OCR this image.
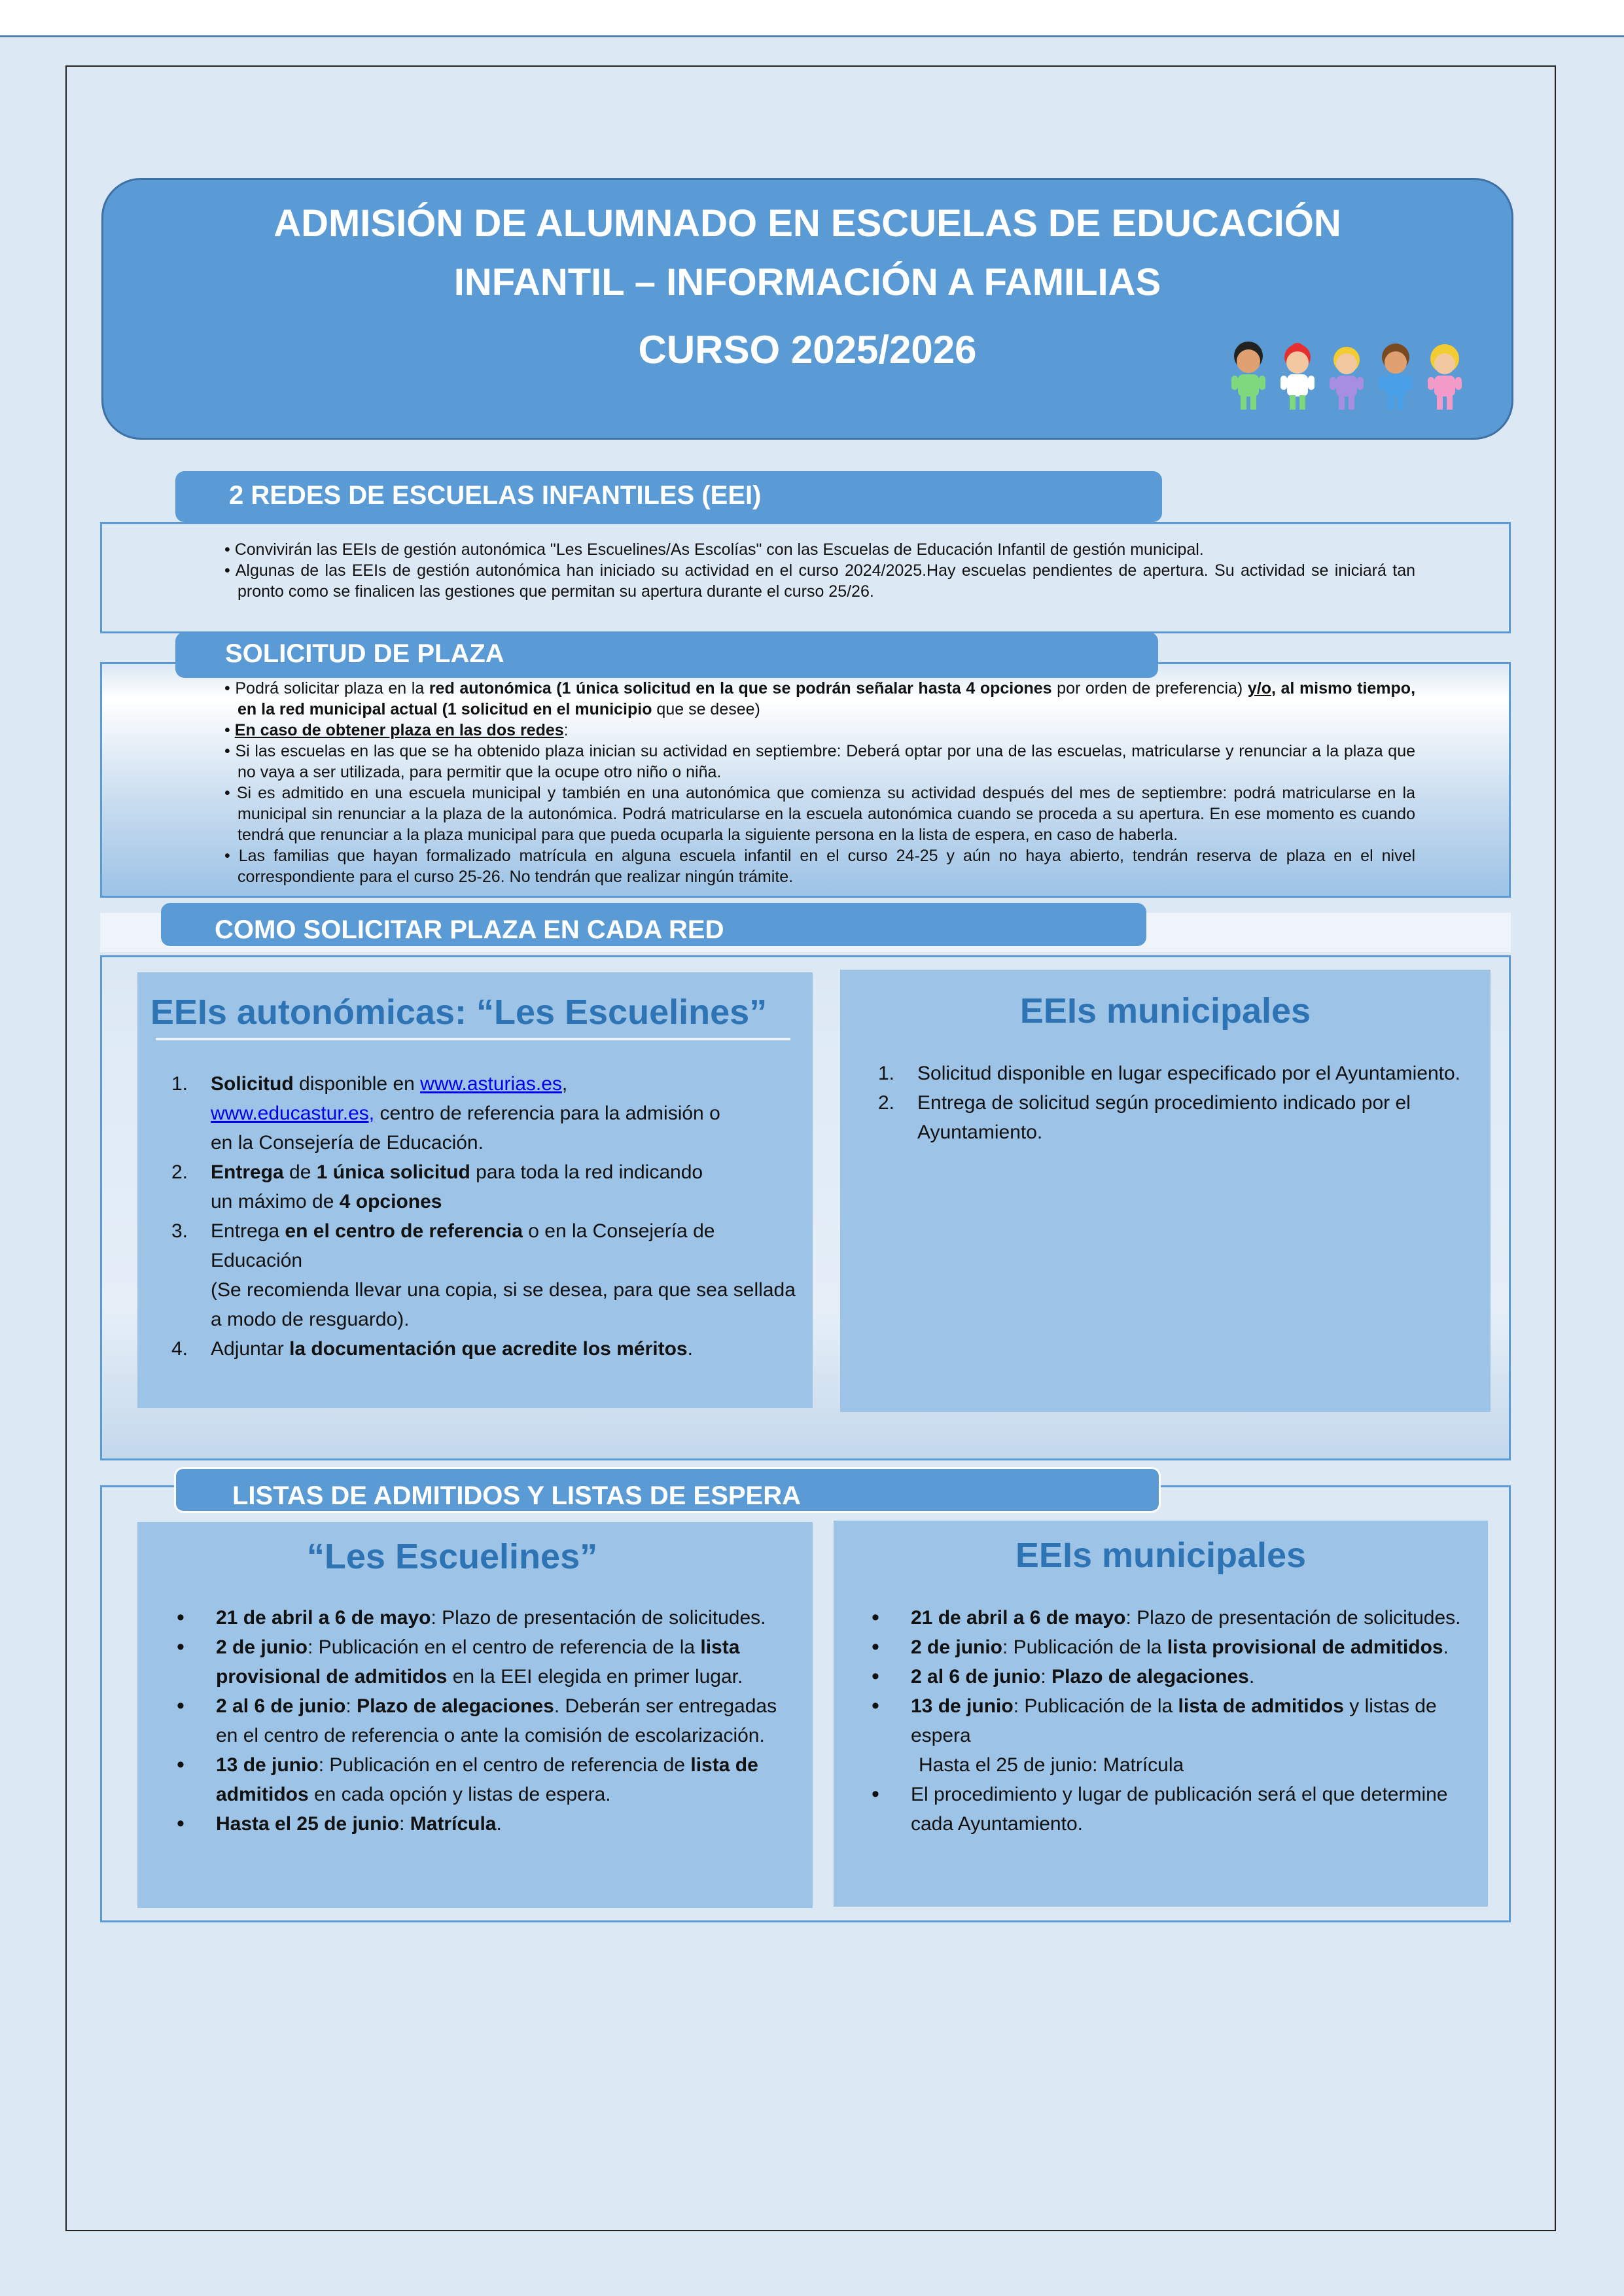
ADMISIÓN DE ALUMNADO EN ESCUELAS DE EDUCACIÓN
INFANTIL – INFORMACIÓN A FAMILIAS
CURSO 2025/2026
2 REDES DE ESCUELAS INFANTILES (EEI)

• Convivirán las EEIs de gestión autonómica "Les Escuelines/As Escolías" con las Escuelas de Educación Infantil de gestión municipal.

• Algunas de las EEIs de gestión autonómica han iniciado su actividad en el curso 2024/2025.Hay escuelas pendientes de apertura. Su actividad se iniciará tan pronto como se finalicen las gestiones que permitan su apertura durante el curso 25/26.

SOLICITUD DE PLAZA

• Podrá solicitar plaza en la red autonómica (1 única solicitud en la que se podrán señalar hasta 4 opciones por orden de preferencia) y/o, al mismo tiempo, en la red municipal actual (1 solicitud en el municipio que se desee)

• En caso de obtener plaza en las dos redes:

• Si las escuelas en las que se ha obtenido plaza inician su actividad en septiembre: Deberá optar por una de las escuelas, matricularse y renunciar a la plaza que no vaya a ser utilizada, para permitir que la ocupe otro niño o niña.

• Si es admitido en una escuela municipal y también en una autonómica que comienza su actividad después del mes de septiembre: podrá matricularse en la municipal sin renunciar a la plaza de la autonómica. Podrá matricularse en la escuela autonómica cuando se proceda a su apertura. En ese momento es cuando tendrá que renunciar a la plaza municipal para que pueda ocuparla la siguiente persona en la lista de espera, en caso de haberla.

• Las familias que hayan formalizado matrícula en alguna escuela infantil en el curso 24-25 y aún no haya abierto, tendrán reserva de plaza en el nivel correspondiente para el curso 25-26. No tendrán que realizar ningún trámite.

COMO SOLICITAR PLAZA EN CADA RED
EEIs autonómicas: “Les Escuelines”
1. Solicitud disponible en www.asturias.es,
www.educastur.es, centro de referencia para la admisión o
en la Consejería de Educación.
2. Entrega de 1 única solicitud para toda la red indicando
un máximo de 4 opciones
3. Entrega en el centro de referencia o en la Consejería de Educación
(Se recomienda llevar una copia, si se desea, para que sea sellada
a modo de resguardo).
4. Adjuntar la documentación que acredite los méritos.
EEIs municipales
1. Solicitud disponible en lugar especificado por el Ayuntamiento.
2. Entrega de solicitud según procedimiento indicado por el Ayuntamiento.
LISTAS DE ADMITIDOS Y LISTAS DE ESPERA
“Les Escuelines”
• 21 de abril a 6 de mayo: Plazo de presentación de solicitudes.
• 2 de junio: Publicación en el centro de referencia de la lista provisional de admitidos en la EEI elegida en primer lugar.
• 2 al 6 de junio: Plazo de alegaciones. Deberán ser entregadas en el centro de referencia o ante la comisión de escolarización.
• 13 de junio: Publicación en el centro de referencia de lista de admitidos en cada opción y listas de espera.
• Hasta el 25 de junio: Matrícula.
EEIs municipales
• 21 de abril a 6 de mayo: Plazo de presentación de solicitudes.
• 2 de junio: Publicación de la lista provisional de admitidos.
• 2 al 6 de junio: Plazo de alegaciones.
• 13 de junio: Publicación de la lista de admitidos y listas de espera
Hasta el 25 de junio: Matrícula
• El procedimiento y lugar de publicación será el que determine cada Ayuntamiento.
